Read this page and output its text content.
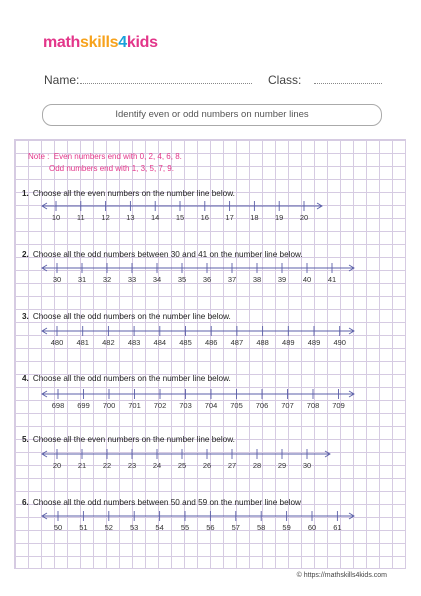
mathskills4kids
Name:	Class:
Identify even or odd numbers on number lines
Note : Even numbers end with 0, 2, 4, 6, 8.
Odd numbers end with 1, 3, 5, 7, 9.
1. Choose all the even numbers on the number line below.
10 11 12 13 14 15 16 17 18 19 20
2. Choose all the odd numbers between 30 and 41 on the number line below.
30 31 32 33 34 35 36 37 38 39 40 41
3. Choose all the odd numbers on the number line below.
480 481 482 483 484 485 486 487 488 489 489 490
4. Choose all the odd numbers on the number line below.
698 699 700 701 702 703 704 705 706 707 708 709
5. Choose all the even numbers on the number line below.
20 21 22 23 24 25 26 27 28 29 30
6. Choose all the odd numbers between 50 and 59 on the number line below
50 51 52 53 54 55 56 57 58 59 60 61
© https://mathskills4kids.com
